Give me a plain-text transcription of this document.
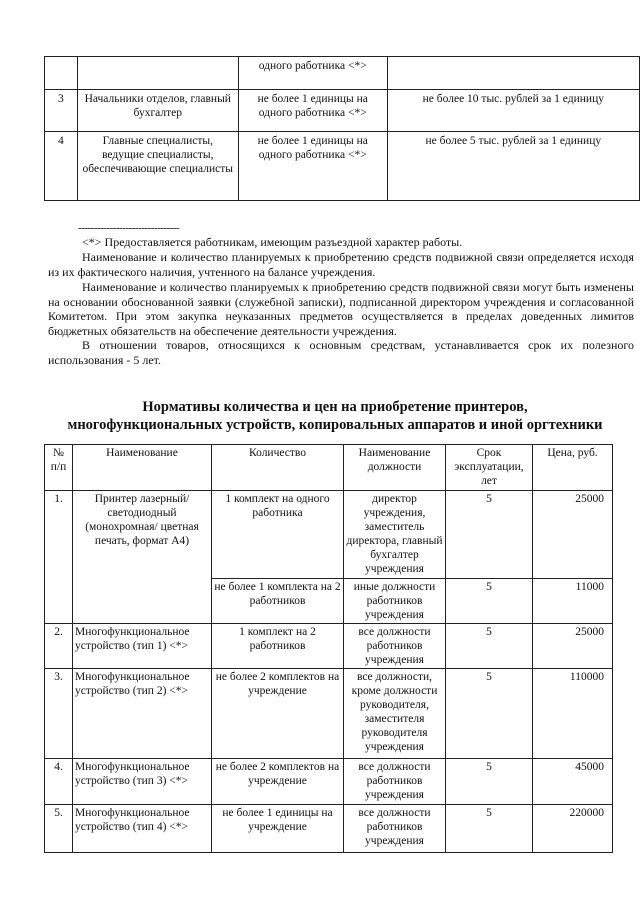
		одного работника <*>	
3	Начальники отделов, главный бухгалтер	не более 1 единицы на одного работника <*>	не более 10 тыс. рублей за 1 единицу
4	Главные специалисты, ведущие специалисты, обеспечивающие специалисты	не более 1 единицы на одного работника <*>	не более 5 тыс. рублей за 1 единицу
--------------------------------

<*> Предоставляется работникам, имеющим разъездной характер работы.

Наименование и количество планируемых к приобретению средств подвижной связи определяется исходя из их фактического наличия, учтенного на балансе учреждения.

Наименование и количество планируемых к приобретению средств подвижной связи могут быть изменены на основании обоснованной заявки (служебной записки), подписанной директором учреждения и согласованной Комитетом. При этом закупка неуказанных предметов осуществляется в пределах доведенных лимитов бюджетных обязательств на обеспечение деятельности учреждения.

В отношении товаров, относящихся к основным средствам, устанавливается срок их полезного использования - 5 лет.

Нормативы количества и цен на приобретение принтеров,

многофункциональных устройств, копировальных аппаратов и иной оргтехники

№ п/п	Наименование	Количество	Наименование должности	Срок эксплуатации, лет	Цена, руб.
1.	Принтер лазерный/ светодиодный (монохромная/ цветная печать, формат А4)	1 комплект на одного работника	директор учреждения, заместитель директора, главный бухгалтер учреждения	5	25000
		не более 1 комплекта на 2 работников	иные должности работников учреждения	5	11000
2.	Многофункциональное устройство (тип 1) <*>	1 комплект на 2 работников	все должности работников учреждения	5	25000
3.	Многофункциональное устройство (тип 2) <*>	не более 2 комплектов на учреждение	все должности, кроме должности руководителя, заместителя руководителя учреждения	5	110000
4.	Многофункциональное устройство (тип 3) <*>	не более 2 комплектов на учреждение	все должности работников учреждения	5	45000
5.	Многофункциональное устройство (тип 4) <*>	не более 1 единицы на учреждение	все должности работников учреждения	5	220000
